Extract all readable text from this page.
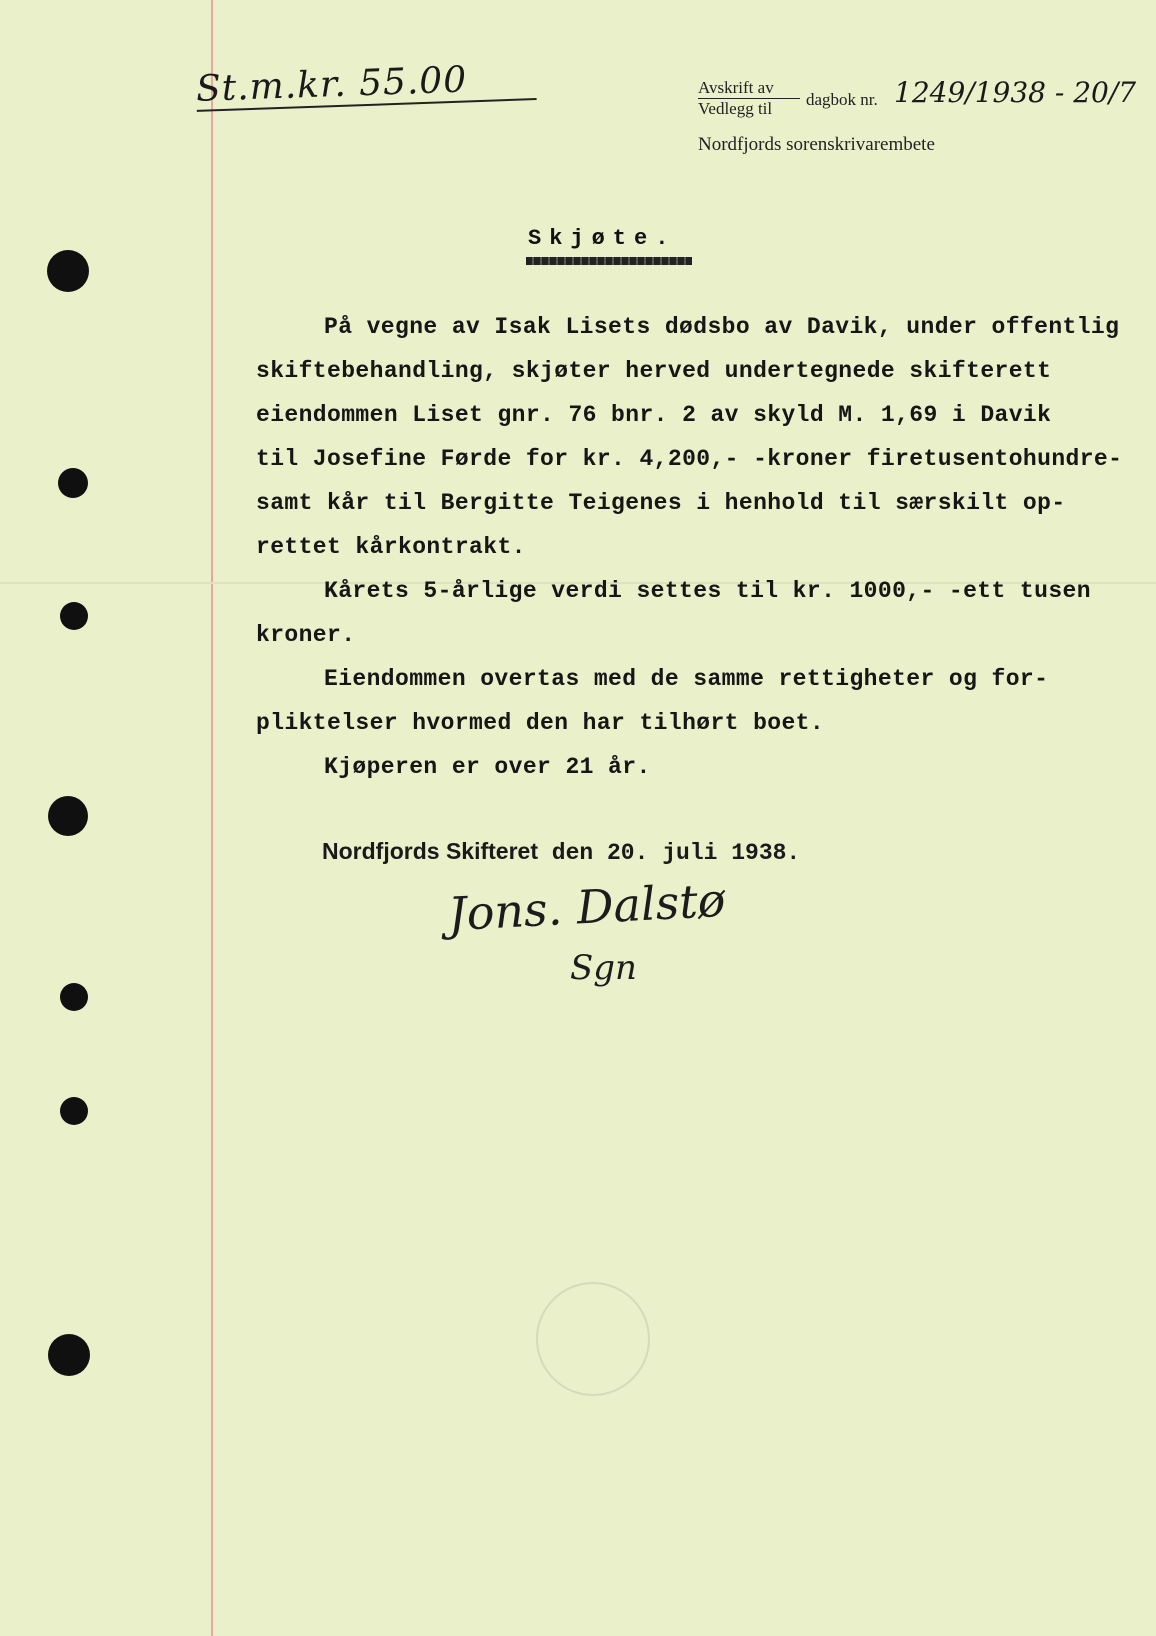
St.m.kr. 55.00	Avskrift av
Vedlegg til	dagbok nr. 1249/1938 - 20/7
Nordfjords sorenskrivarembete
Skjøte.
På vegne av Isak Lisets dødsbo av Davik, under offentlig
skiftebehandling, skjøter herved undertegnede skifterett
eiendommen Liset gnr. 76 bnr. 2 av skyld M. 1,69 i Davik
til Josefine Førde for kr. 4,200,- -kroner firetusentohundre-
samt kår til Bergitte Teigenes i henhold til særskilt op-
rettet kårkontrakt.
Kårets 5-årlige verdi settes til kr. 1000,- -ett tusen
kroner.
Eiendommen overtas med de samme rettigheter og for-
pliktelser hvormed den har tilhørt boet.
Kjøperen er over 21 år.
Nordfjords Skifteret den 20. juli 1938.
Jons. Dalstø
Sgn
